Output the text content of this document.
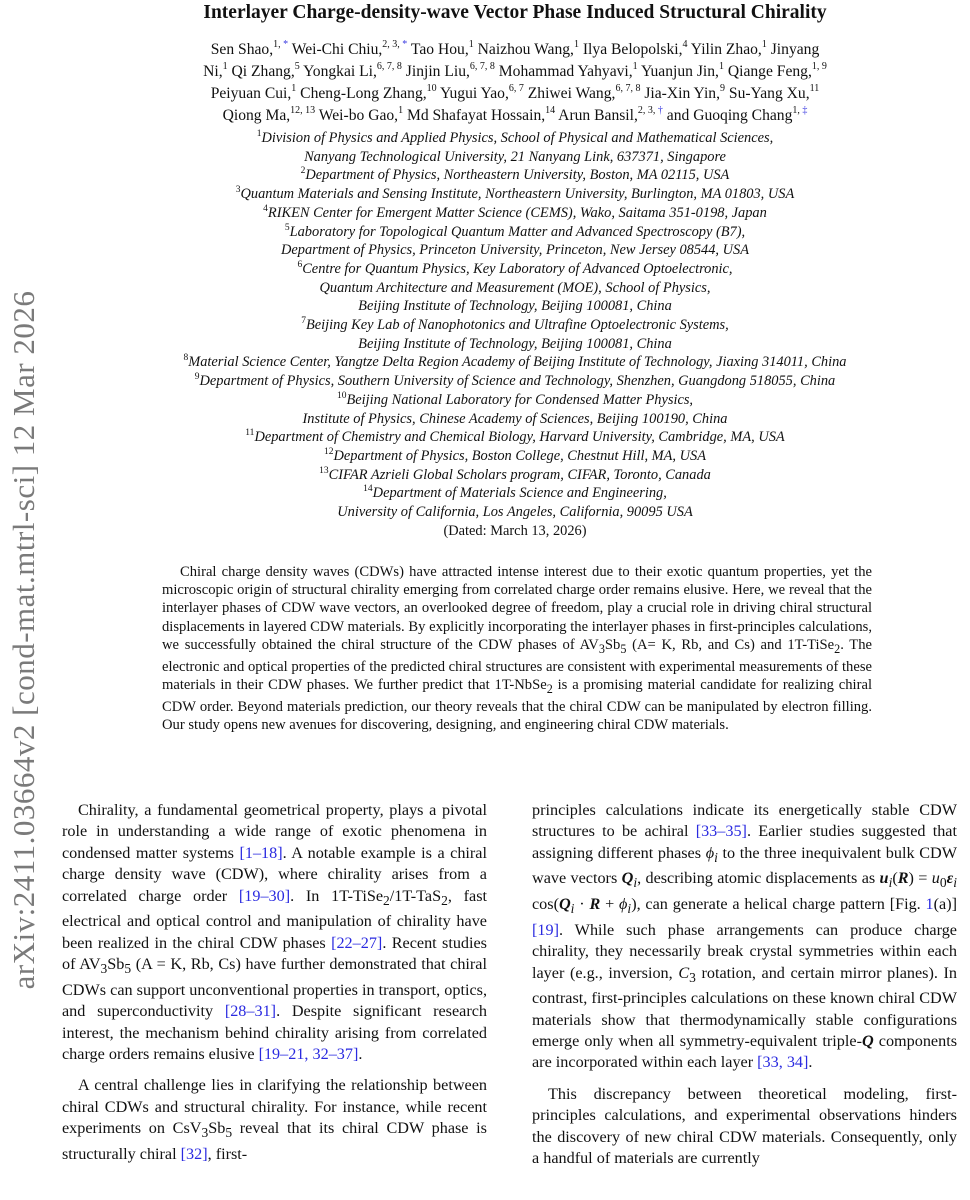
arXiv:2411.03664v2 [cond-mat.mtrl-sci] 12 Mar 2026
Interlayer Charge-density-wave Vector Phase Induced Structural Chirality
Sen Shao,$^{1, *}$ Wei-Chi Chiu,$^{2, 3, *}$ Tao Hou,$^1$ Naizhou Wang,$^1$ Ilya Belopolski,$^4$ Yilin Zhao,$^1$ Jinyang
Ni,$^1$ Qi Zhang,$^5$ Yongkai Li,$^{6, 7, 8}$ Jinjin Liu,$^{6, 7, 8}$ Mohammad Yahyavi,$^1$ Yuanjun Jin,$^1$ Qiange Feng,$^{1, 9}$
Peiyuan Cui,$^1$ Cheng-Long Zhang,$^{10}$ Yugui Yao,$^{6, 7}$ Zhiwei Wang,$^{6, 7, 8}$ Jia-Xin Yin,$^9$ Su-Yang Xu,$^{11}$
Qiong Ma,$^{12, 13}$ Wei-bo Gao,$^1$ Md Shafayat Hossain,$^{14}$ Arun Bansil,$^{2, 3, \dagger}$ and Guoqing Chang$^{1, \ddagger}$
$^1$Division of Physics and Applied Physics, School of Physical and Mathematical Sciences,
Nanyang Technological University, 21 Nanyang Link, 637371, Singapore
$^2$Department of Physics, Northeastern University, Boston, MA 02115, USA
$^3$Quantum Materials and Sensing Institute, Northeastern University, Burlington, MA 01803, USA
$^4$RIKEN Center for Emergent Matter Science (CEMS), Wako, Saitama 351-0198, Japan
$^5$Laboratory for Topological Quantum Matter and Advanced Spectroscopy (B7),
Department of Physics, Princeton University, Princeton, New Jersey 08544, USA
$^6$Centre for Quantum Physics, Key Laboratory of Advanced Optoelectronic,
Quantum Architecture and Measurement (MOE), School of Physics,
Beijing Institute of Technology, Beijing 100081, China
$^7$Beijing Key Lab of Nanophotonics and Ultrafine Optoelectronic Systems,
Beijing Institute of Technology, Beijing 100081, China
$^8$Material Science Center, Yangtze Delta Region Academy of Beijing Institute of Technology, Jiaxing 314011, China
$^9$Department of Physics, Southern University of Science and Technology, Shenzhen, Guangdong 518055, China
$^{10}$Beijing National Laboratory for Condensed Matter Physics,
Institute of Physics, Chinese Academy of Sciences, Beijing 100190, China
$^{11}$Department of Chemistry and Chemical Biology, Harvard University, Cambridge, MA, USA
$^{12}$Department of Physics, Boston College, Chestnut Hill, MA, USA
$^{13}$CIFAR Azrieli Global Scholars program, CIFAR, Toronto, Canada
$^{14}$Department of Materials Science and Engineering,
University of California, Los Angeles, California, 90095 USA
(Dated: March 13, 2026)
Chiral charge density waves (CDWs) have attracted intense interest due to their exotic quantum properties, yet the microscopic origin of structural chirality emerging from correlated charge order remains elusive. Here, we reveal that the interlayer phases of CDW wave vectors, an overlooked degree of freedom, play a crucial role in driving chiral structural displacements in layered CDW materials. By explicitly incorporating the interlayer phases in first-principles calculations, we successfully obtained the chiral structure of the CDW phases of $AV_3Sb_5$ (A= K, Rb, and Cs) and 1T-TiSe$_2$. The electronic and optical properties of the predicted chiral structures are consistent with experimental measurements of these materials in their CDW phases. We further predict that 1T-NbSe$_2$ is a promising material candidate for realizing chiral CDW order. Beyond materials prediction, our theory reveals that the chiral CDW can be manipulated by electron filling. Our study opens new avenues for discovering, designing, and engineering chiral CDW materials.

Chirality, a fundamental geometrical property, plays a pivotal role in understanding a wide range of exotic phenomena in condensed matter systems [1–18]. A notable example is a chiral charge density wave (CDW), where chirality arises from a correlated charge order [19–30]. In 1T-TiSe$_2$/1T-TaS$_2$, fast electrical and optical control and manipulation of chirality have been realized in the chiral CDW phases [22–27]. Recent studies of $AV_3Sb_5$ (A = K, Rb, Cs) have further demonstrated that chiral CDWs can support unconventional properties in transport, optics, and superconductivity [28–31]. Despite significant research interest, the mechanism behind chirality arising from correlated charge orders remains elusive [19–21, 32–37].

A central challenge lies in clarifying the relationship between chiral CDWs and structural chirality. For instance, while recent experiments on $CsV_3Sb_5$ reveal that its chiral CDW phase is structurally chiral [32], first-

principles calculations indicate its energetically stable CDW structures to be achiral [33–35]. Earlier studies suggested that assigning different phases $\phi_i$ to the three inequivalent bulk CDW wave vectors $Q_i$, describing atomic displacements as $u_i(R) = u_0\varepsilon_i$ $\cos(Q_i \cdot R + \phi_i)$, can generate a helical charge pattern [Fig. 1(a)][19]. While such phase arrangements can produce charge chirality, they necessarily break crystal symmetries within each layer (e.g., inversion, $C_3$ rotation, and certain mirror planes). In contrast, first-principles calculations on these known chiral CDW materials show that thermodynamically stable configurations emerge only when all symmetry-equivalent triple-Q components are incorporated within each layer [33, 34].

This discrepancy between theoretical modeling, first-principles calculations, and experimental observations hinders the discovery of new chiral CDW materials. Consequently, only a handful of materials are currently
